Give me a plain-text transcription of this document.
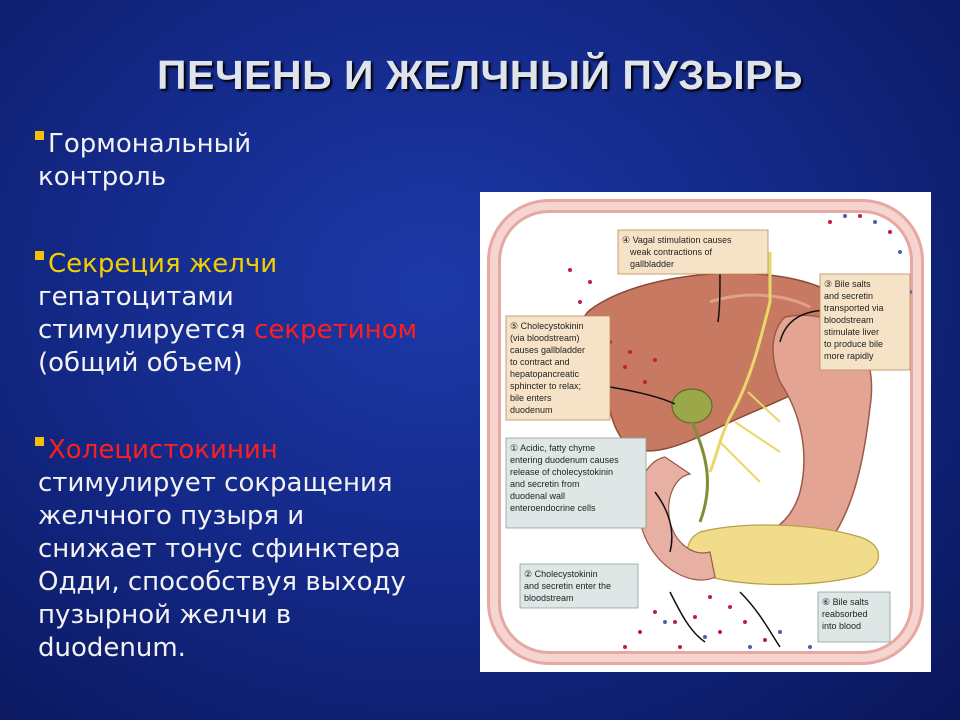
ПЕЧЕНЬ И ЖЕЛЧНЫЙ ПУЗЫРЬ
Гормональный
контроль
Секреция желчи
гепатоцитами
стимулируется секретином
(общий объем)
Холецистокинин
стимулирует сокращения
желчного пузыря и
снижает тонус сфинктера
Одди, способствуя выходу
пузырной желчи в
duodenum.
④ Vagal stimulation causes
weak contractions of
gallbladder
③ Bile salts
and secretin
transported via
bloodstream
stimulate liver
to produce bile
more rapidly
⑤ Cholecystokinin
(via bloodstream)
causes gallbladder
to contract and
hepatopancreatic
sphincter to relax;
bile enters
duodenum
① Acidic, fatty chyme
entering duodenum causes
release of cholecystokinin
and secretin from
duodenal wall
enteroendocrine cells
② Cholecystokinin
and secretin enter the
bloodstream	⑥ Bile salts
reabsorbed
into blood
